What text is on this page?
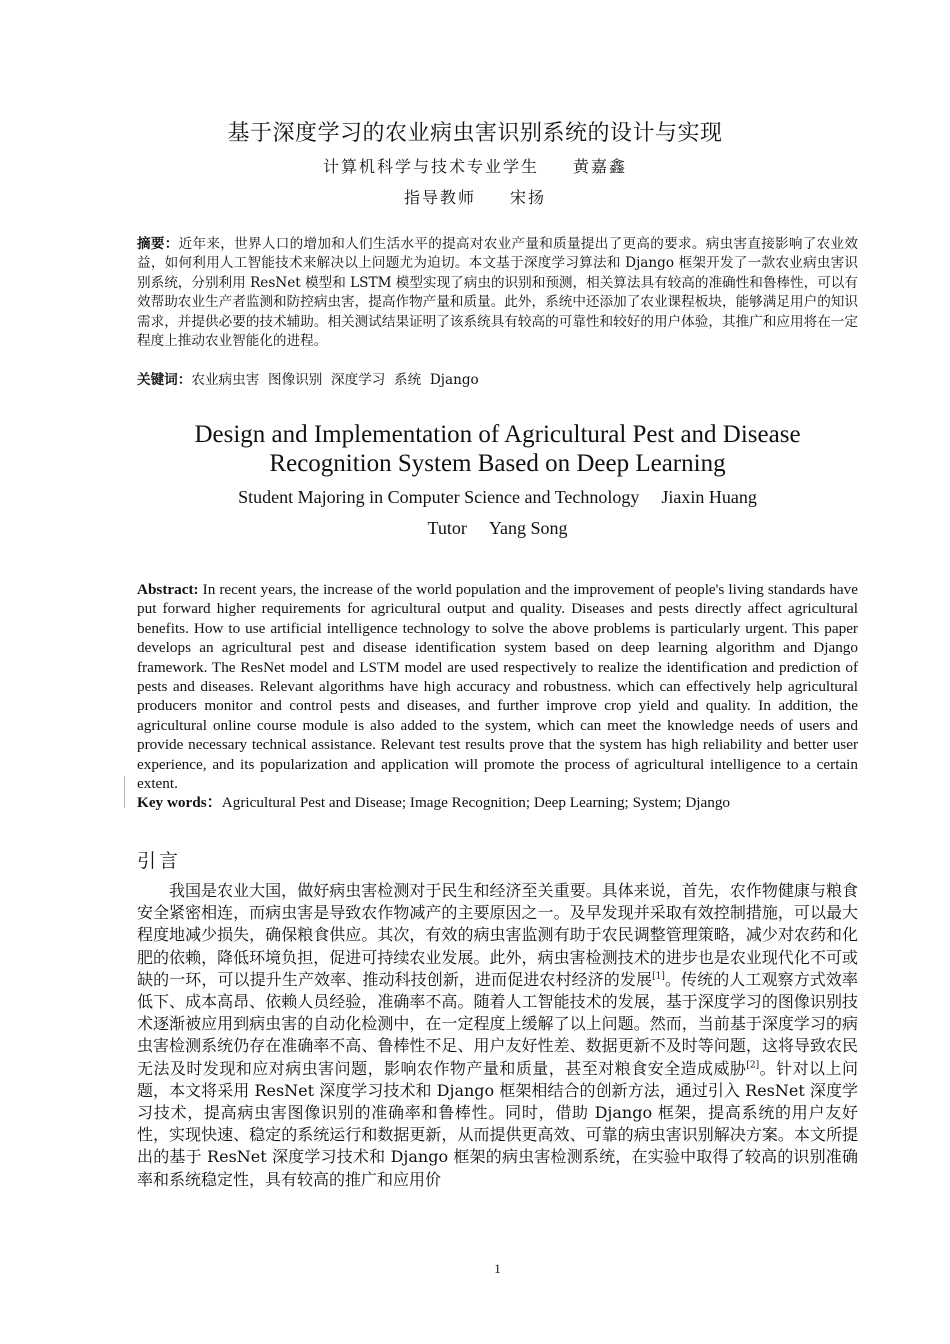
基于深度学习的农业病虫害识别系统的设计与实现
计算机科学与技术专业学生 黄嘉鑫
指导教师 宋扬
摘要：近年来，世界人口的增加和人们生活水平的提高对农业产量和质量提出了更高的要求。病虫害直接影响了农业效益，如何利用人工智能技术来解决以上问题尤为迫切。本文基于深度学习算法和 Django 框架开发了一款农业病虫害识别系统，分别利用 ResNet 模型和 LSTM 模型实现了病虫的识别和预测，相关算法具有较高的准确性和鲁棒性，可以有效帮助农业生产者监测和防控病虫害，提高作物产量和质量。此外，系统中还添加了农业课程板块，能够满足用户的知识需求，并提供必要的技术辅助。相关测试结果证明了该系统具有较高的可靠性和较好的用户体验，其推广和应用将在一定程度上推动农业智能化的进程。
关键词：农业病虫害  图像识别  深度学习  系统  Django
Design and Implementation of Agricultural Pest and Disease
Recognition System Based on Deep Learning
Student Majoring in Computer Science and Technology Jiaxin Huang
Tutor Yang Song
Abstract: In recent years, the increase of the world population and the improvement of people's living standards have put forward higher requirements for agricultural output and quality. Diseases and pests directly affect agricultural benefits. How to use artificial intelligence technology to solve the above problems is particularly urgent. This paper develops an agricultural pest and disease identification system based on deep learning algorithm and Django framework. The ResNet model and LSTM model are used respectively to realize the identification and prediction of pests and diseases. Relevant algorithms have high accuracy and robustness. which can effectively help agricultural producers monitor and control pests and diseases, and further improve crop yield and quality. In addition, the agricultural online course module is also added to the system, which can meet the knowledge needs of users and provide necessary technical assistance. Relevant test results prove that the system has high reliability and better user experience, and its popularization and application will promote the process of agricultural intelligence to a certain extent.
Key words：Agricultural Pest and Disease; Image Recognition; Deep Learning; System; Django
引言
我国是农业大国，做好病虫害检测对于民生和经济至关重要。具体来说，首先，农作物健康与粮食安全紧密相连，而病虫害是导致农作物减产的主要原因之一。及早发现并采取有效控制措施，可以最大程度地减少损失，确保粮食供应。其次，有效的病虫害监测有助于农民调整管理策略，减少对农药和化肥的依赖，降低环境负担，促进可持续农业发展。此外，病虫害检测技术的进步也是农业现代化不可或缺的一环，可以提升生产效率、推动科技创新，进而促进农村经济的发展[1]。传统的人工观察方式效率低下、成本高昂、依赖人员经验，准确率不高。随着人工智能技术的发展，基于深度学习的图像识别技术逐渐被应用到病虫害的自动化检测中，在一定程度上缓解了以上问题。然而，当前基于深度学习的病虫害检测系统仍存在准确率不高、鲁棒性不足、用户友好性差、数据更新不及时等问题，这将导致农民无法及时发现和应对病虫害问题，影响农作物产量和质量，甚至对粮食安全造成威胁[2]。针对以上问题，本文将采用 ResNet 深度学习技术和 Django 框架相结合的创新方法，通过引入 ResNet 深度学习技术，提高病虫害图像识别的准确率和鲁棒性。同时，借助 Django 框架，提高系统的用户友好性，实现快速、稳定的系统运行和数据更新，从而提供更高效、可靠的病虫害识别解决方案。本文所提出的基于 ResNet 深度学习技术和 Django 框架的病虫害检测系统，在实验中取得了较高的识别准确率和系统稳定性，具有较高的推广和应用价
1
